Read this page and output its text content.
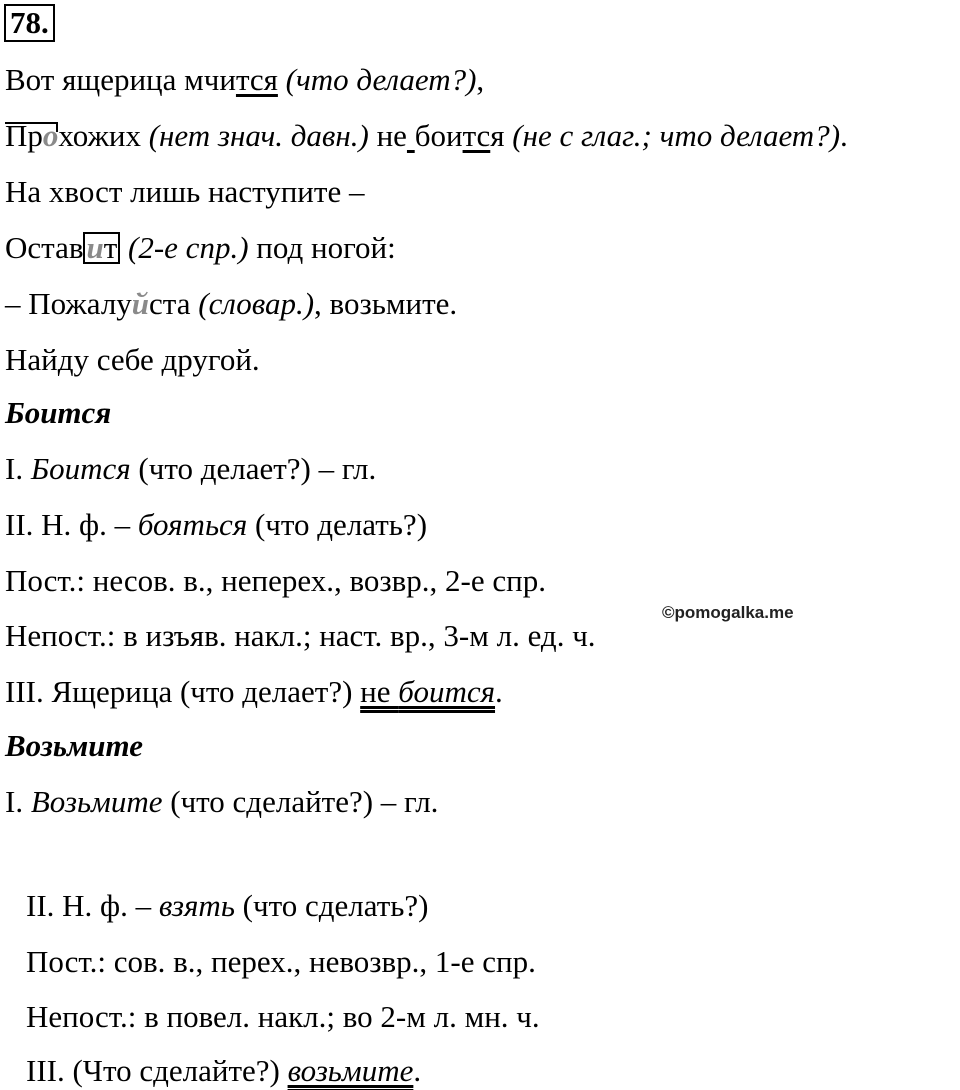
78.
Вот ящерица мчится (что делает?),
Прохожих (нет знач. давн.) не боится (не с глаг.; что делает?).
На хвост лишь наступите –
Оставит (2-е спр.) под ногой:
– Пожалуйста (словар.), возьмите.
Найду себе другой.
Боится
I. Боится (что делает?) – гл.
II. Н. ф. – бояться (что делать?)
Пост.: несов. в., неперех., возвр., 2-е спр.
Непост.: в изъяв. накл.; наст. вр., 3-м л. ед. ч.
©pomogalka.me
III. Ящерица (что делает?) не боится.
Возьмите
I. Возьмите (что сделайте?) – гл.
II. Н. ф. – взять (что сделать?)
Пост.: сов. в., перех., невозвр., 1-е спр.
Непост.: в повел. накл.; во 2-м л. мн. ч.
III. (Что сделайте?) возьмите.
